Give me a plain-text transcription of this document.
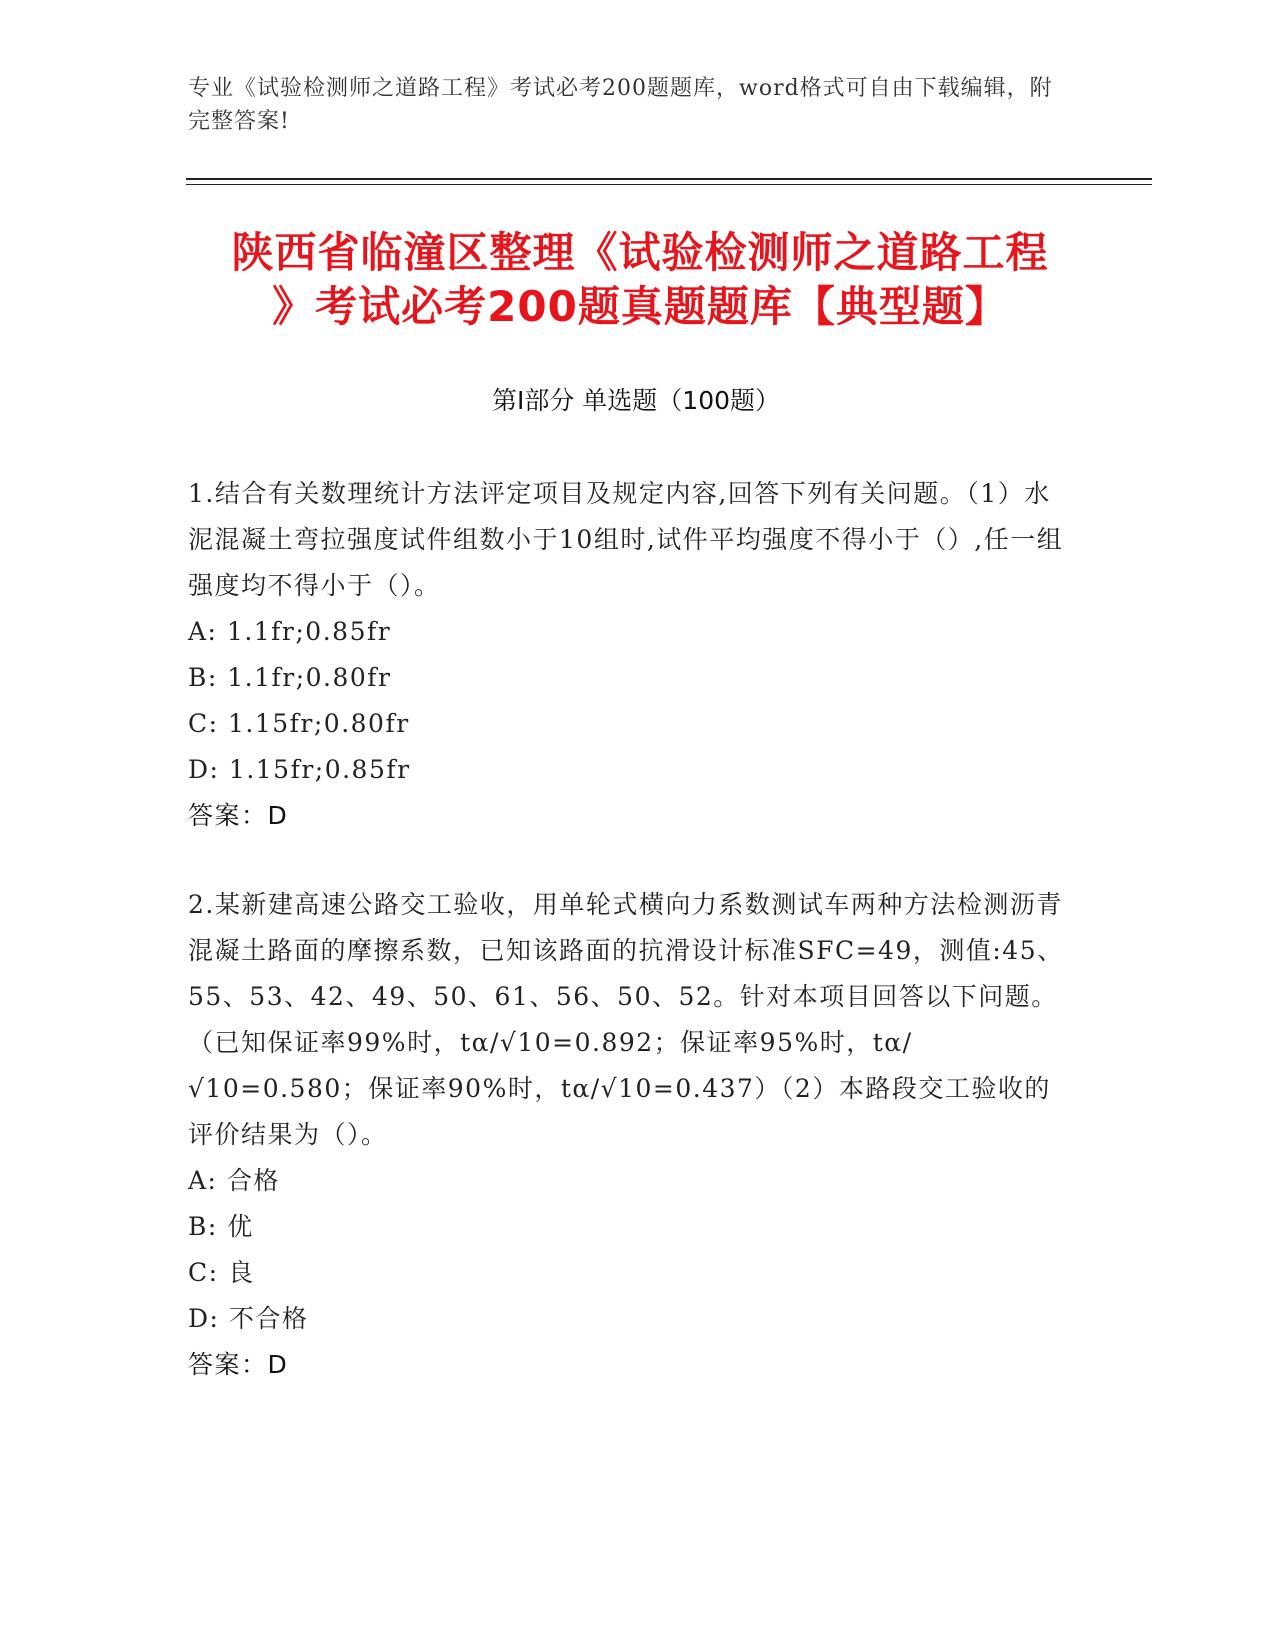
专业《试验检测师之道路工程》考试必考200题题库，word格式可自由下载编辑，附完整答案!
陕西省临潼区整理《试验检测师之道路工程
》考试必考200题真题题库【典型题】
第I部分 单选题（100题）

1.结合有关数理统计方法评定项目及规定内容,回答下列有关问题。（1）水泥混凝土弯拉强度试件组数小于10组时,试件平均强度不得小于（）,任一组强度均不得小于（）。

A: 1.1fr;0.85fr

B: 1.1fr;0.80fr

C: 1.15fr;0.80fr

D: 1.15fr;0.85fr

答案：D

2.某新建高速公路交工验收，用单轮式横向力系数测试车两种方法检测沥青混凝土路面的摩擦系数，已知该路面的抗滑设计标准SFC=49，测值:45、55、53、42、49、50、61、56、50、52。针对本项目回答以下问题。（已知保证率99%时，tα/√10=0.892；保证率95%时，tα/√10=0.580；保证率90%时，tα/√10=0.437）（2）本路段交工验收的评价结果为（）。

A: 合格

B: 优

C: 良

D: 不合格

答案：D
